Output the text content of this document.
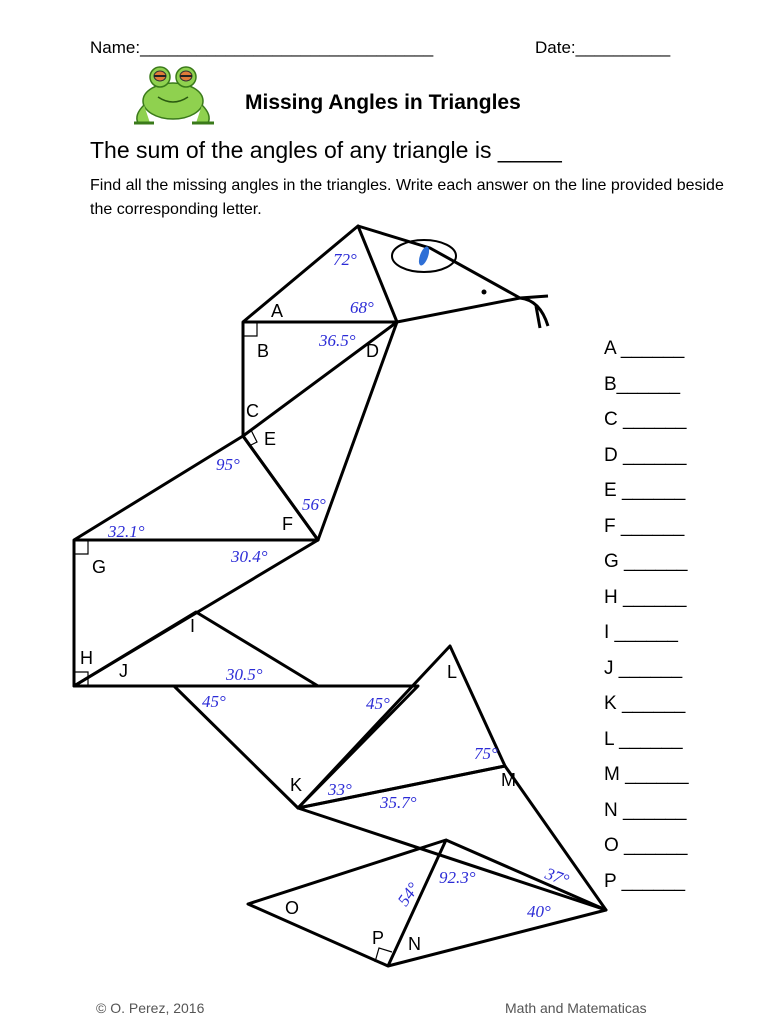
Name:_______________________________	Date:__________
Missing Angles in Triangles
The sum of the angles of any triangle is _____
Find all the missing angles in the triangles. Write each answer on the line provided beside the corresponding letter.
A
B
C
D
E
F
G
H
I
J
K
L
M
N
O
P
72°
68°
36.5°
95°
56°
32.1°
30.4°
30.5°
45°	45°
75°
33°
35.7°
37°
54°
92.3°
40°
A ______
B______
C ______
D ______
E ______
F ______
G ______
H ______
I ______
J ______
K ______
L ______
M ______
N ______
O ______
P ______
© O. Perez, 2016	Math and Matematicas
